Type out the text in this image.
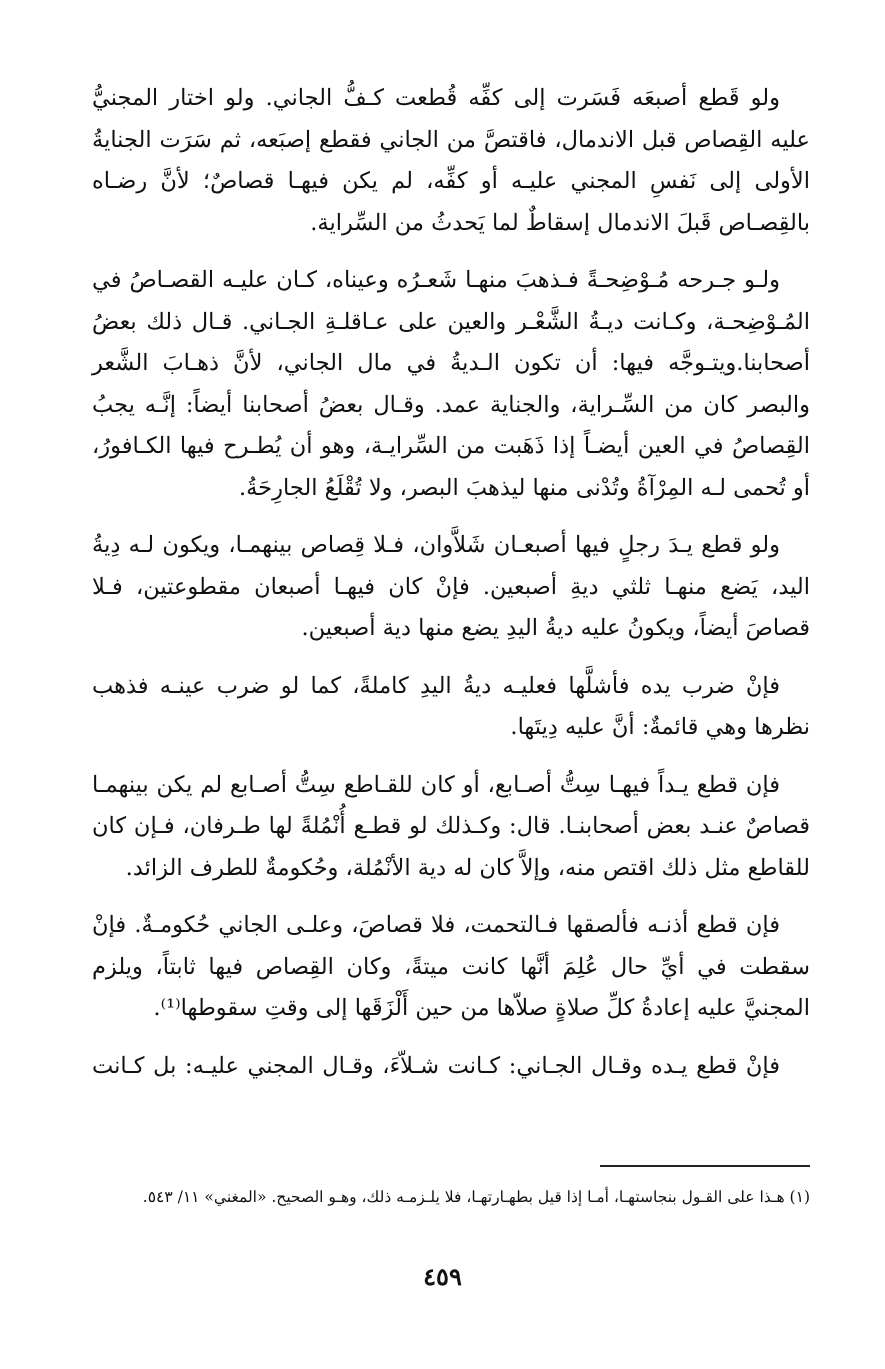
ولو قَطع أصبعَه فَسَرت إلى كفِّه قُطعت كـفُّ الجاني. ولو اختار المجنيُّ عليه القِصاص قبل الاندمال، فاقتصَّ من الجاني فقطع إصبَعه، ثم سَرَت الجنايةُ الأولى إلى نَفسِ المجني عليـه أو كفِّه، لم يكن فيهـا قصاصٌ؛ لأنَّ رضـاه بالقِصـاص قَبلَ الاندمال إسقاطٌ لما يَحدثُ من السِّراية.

ولـو جـرحه مُـوْضِحـةً فـذهبَ منهـا شَعـرُه وعيناه، كـان عليـه القصـاصُ في المُـوْضِحـة، وكـانت ديـةُ الشَّعْـر والعين على عـاقلـةِ الجـاني. قـال ذلك بعضُ أصحابنا.ويتـوجَّه فيها: أن تكون الـديةُ في مال الجاني، لأنَّ ذهـابَ الشَّعر والبصر كان من السِّـراية، والجناية عمد. وقـال بعضُ أصحابنا أيضاً: إنَّـه يجبُ القِصاصُ في العين أيضـاً إذا ذَهَبت من السِّرايـة، وهو أن يُطـرح فيها الكـافورُ، أو تُحمى لـه المِرْآةُ وتُدْنى منها ليذهبَ البصر، ولا تُقْلَعُ الجارِحَةُ.

ولو قطع يـدَ رجلٍ فيها أصبعـان شَلاَّوان، فـلا قِصاص بينهمـا، ويكون لـه دِيةُ اليد، يَضع منهـا ثلثي ديةِ أصبعين. فإنْ كان فيهـا أصبعان مقطوعتين، فـلا قصاصَ أيضاً، ويكونُ عليه ديةُ اليدِ يضع منها دية أصبعين.

فإنْ ضرب يده فأشلَّها فعليـه ديةُ اليدِ كاملةً، كما لو ضرب عينـه فذهب نظرها وهي قائمةٌ: أنَّ عليه دِيتَها.

فإن قطع يـداً فيهـا سِتُّ أصـابع، أو كان للقـاطع سِتُّ أصـابع لم يكن بينهمـا قصاصٌ عنـد بعض أصحابنـا. قال: وكـذلك لو قطـع أُنْمُلةً لها طـرفان، فـإن كان للقاطع مثل ذلك اقتص منه، وإلاَّ كان له دية الأنْمُلة، وحُكومةٌ للطرف الزائد.

فإن قطع أذنـه فألصقها فـالتحمت، فلا قصاصَ، وعلـى الجاني حُكومـةٌ. فإنْ سقطت في أيِّ حال عُلِمَ أنَّها كانت ميتةً، وكان القِصاص فيها ثابتاً، ويلزم المجنيَّ عليه إعادةُ كلِّ صلاةٍ صلاّها من حين أَلْزَقَها إلى وقتِ سقوطها⁽¹⁾.

فإنْ قطع يـده وقـال الجـاني: كـانت شـلاّءَ، وقـال المجني عليـه: بل كـانت

(١) هـذا على القـول بنجاستهـا، أمـا إذا قيل بطهـارتهـا، فلا يلـزمـه ذلك، وهـو الصحيح. «المغني» ١١/ ٥٤٣.
٤٥٩
